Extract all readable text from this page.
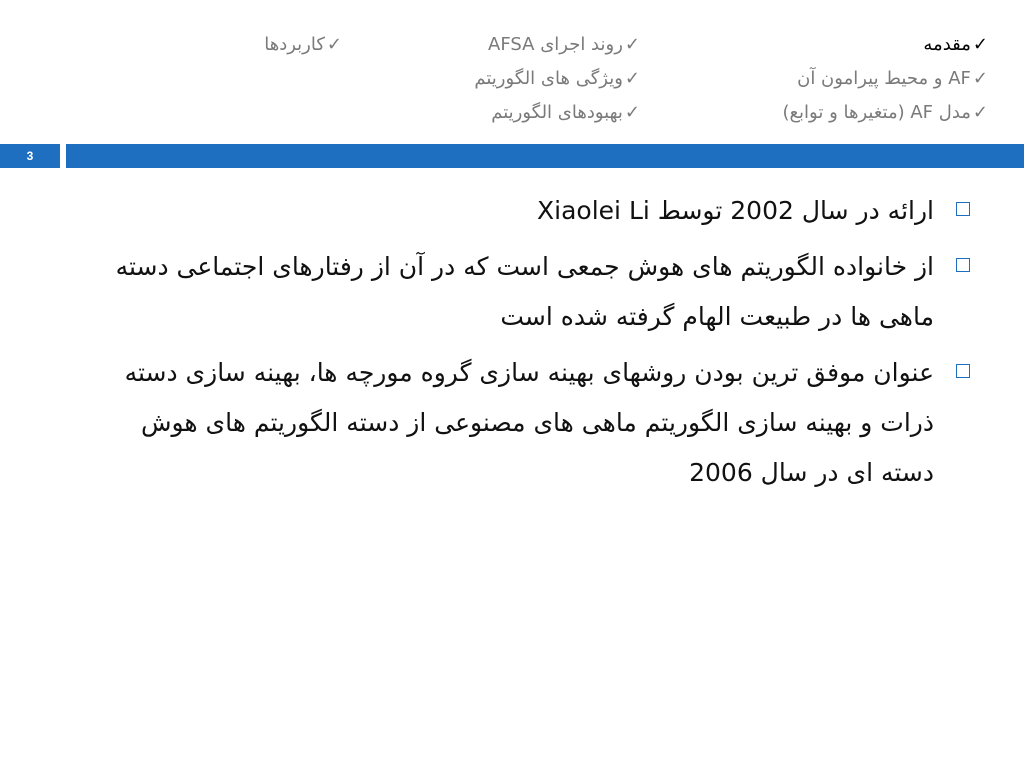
✓مقدمه
✓AF و محیط پیرامون آن
✓مدل AF (متغیرها و توابع)
✓روند اجرای AFSA
✓ویژگی های الگوریتم
✓بهبودهای الگوریتم
✓کاربردها
3
ارائه در سال 2002 توسط Xiaolei Li
از خانواده الگوریتم های هوش جمعی است که در آن از رفتارهای اجتماعی دسته ماهی ها در طبیعت الهام گرفته شده است
عنوان موفق ترین بودن روشهای بهینه سازی گروه مورچه ها، بهینه سازی دسته ذرات و بهینه سازی الگوریتم ماهی های مصنوعی از دسته الگوریتم های هوش دسته ای در سال 2006
